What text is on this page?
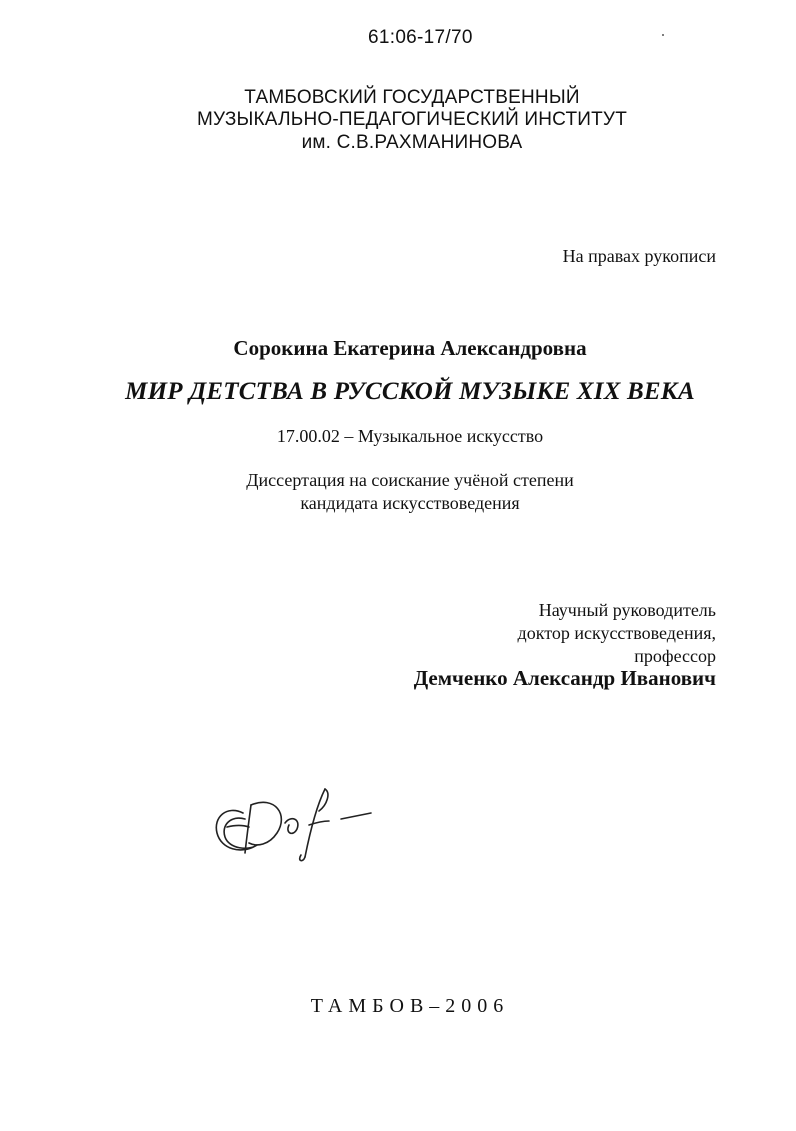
61:06-17/70
ТАМБОВСКИЙ ГОСУДАРСТВЕННЫЙ
МУЗЫКАЛЬНО-ПЕДАГОГИЧЕСКИЙ ИНСТИТУТ
им. С.В.РАХМАНИНОВА
На правах рукописи
Сорокина Екатерина Александровна
МИР ДЕТСТВА В РУССКОЙ МУЗЫКЕ XIX ВЕКА
17.00.02 – Музыкальное искусство
Диссертация на соискание учёной степени
кандидата искусствоведения
Научный руководитель
доктор искусствоведения,
профессор
Демченко Александр Иванович
ТАМБОВ–2006
